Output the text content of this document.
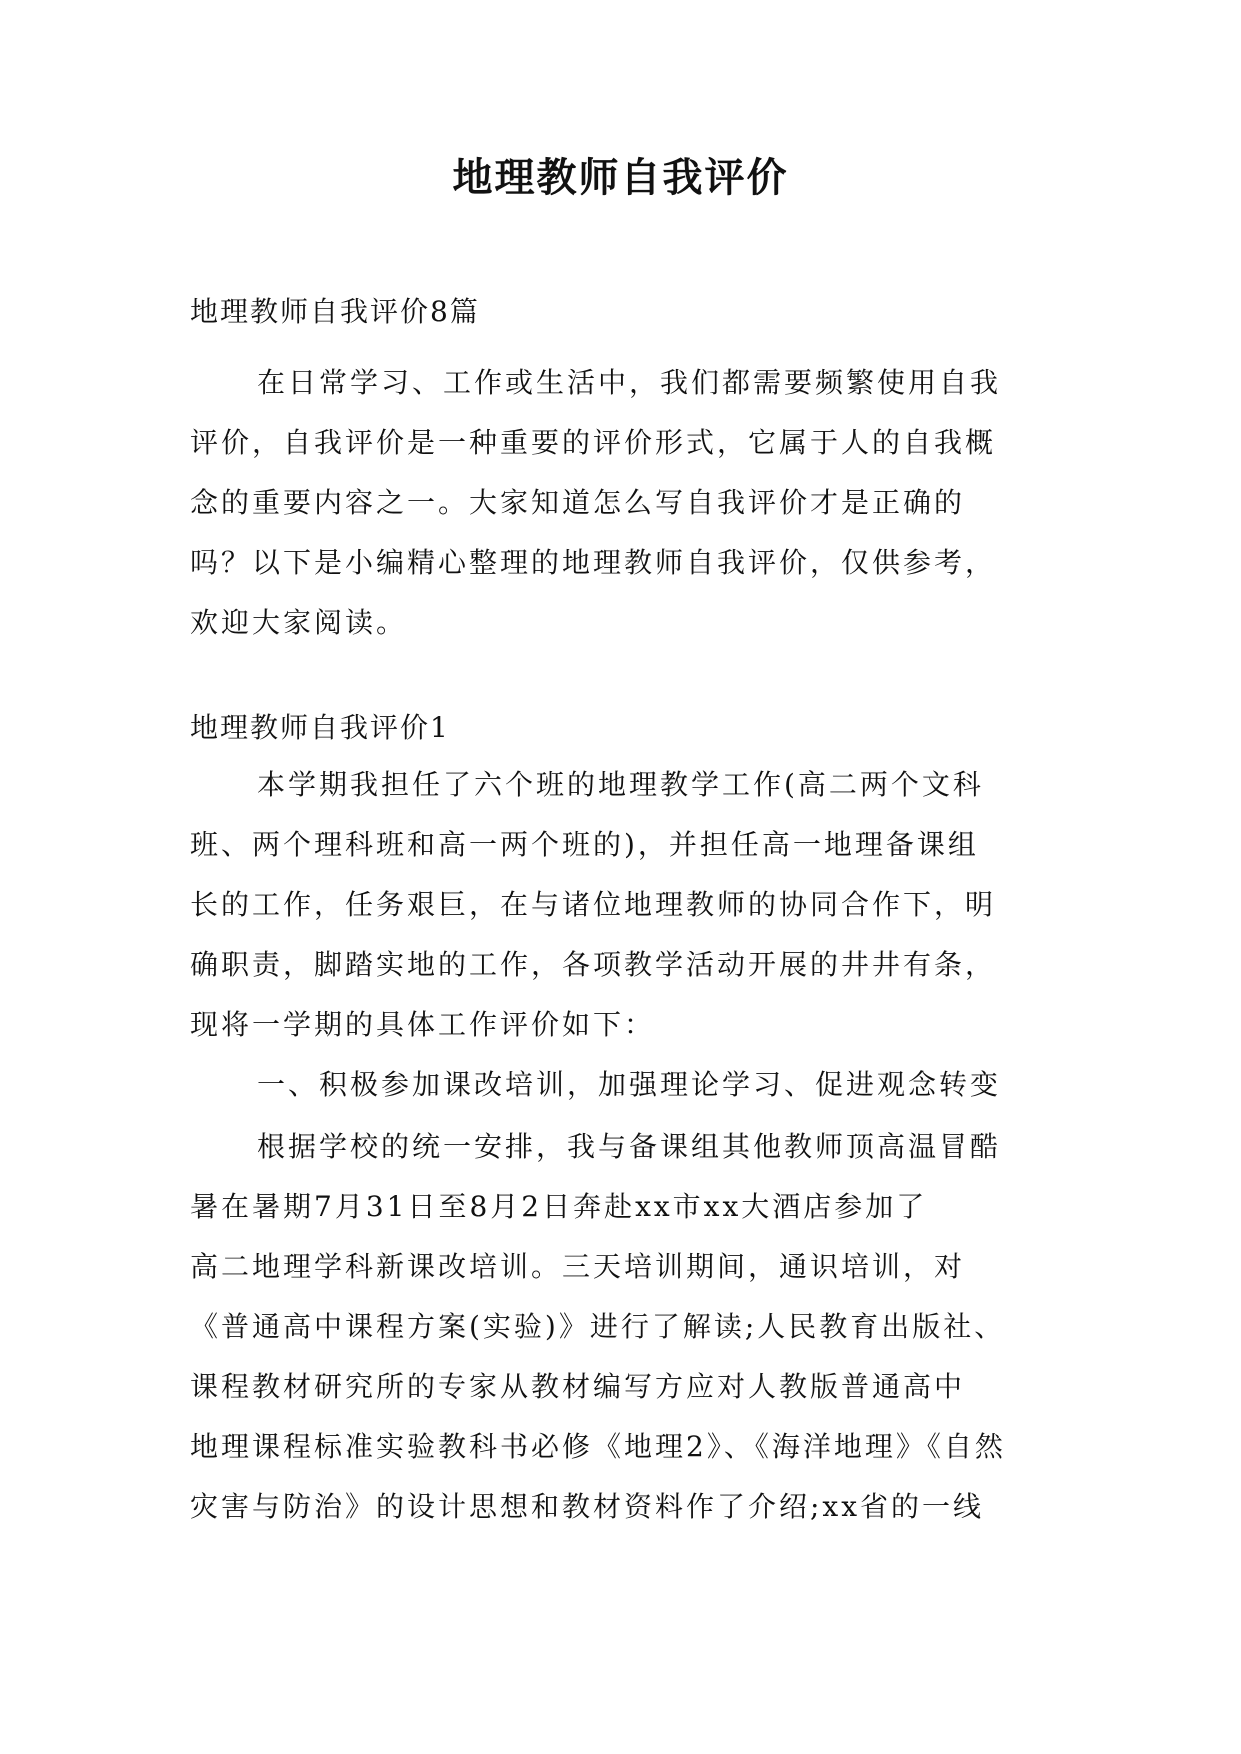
地理教师自我评价
地理教师自我评价8篇
在日常学习、工作或生活中，我们都需要频繁使用自我
评价，自我评价是一种重要的评价形式，它属于人的自我概
念的重要内容之一。大家知道怎么写自我评价才是正确的
吗？以下是小编精心整理的地理教师自我评价，仅供参考，
欢迎大家阅读。
地理教师自我评价1
本学期我担任了六个班的地理教学工作(高二两个文科
班、两个理科班和高一两个班的)，并担任高一地理备课组
长的工作，任务艰巨，在与诸位地理教师的协同合作下，明
确职责，脚踏实地的工作，各项教学活动开展的井井有条，
现将一学期的具体工作评价如下：
一、积极参加课改培训，加强理论学习、促进观念转变
根据学校的统一安排，我与备课组其他教师顶高温冒酷
暑在暑期7月31日至8月2日奔赴xx市xx大酒店参加了
高二地理学科新课改培训。三天培训期间，通识培训，对
《普通高中课程方案(实验)》进行了解读;人民教育出版社、
课程教材研究所的专家从教材编写方应对人教版普通高中
地理课程标准实验教科书必修《地理2》、《海洋地理》《自然
灾害与防治》的设计思想和教材资料作了介绍;xx省的一线
